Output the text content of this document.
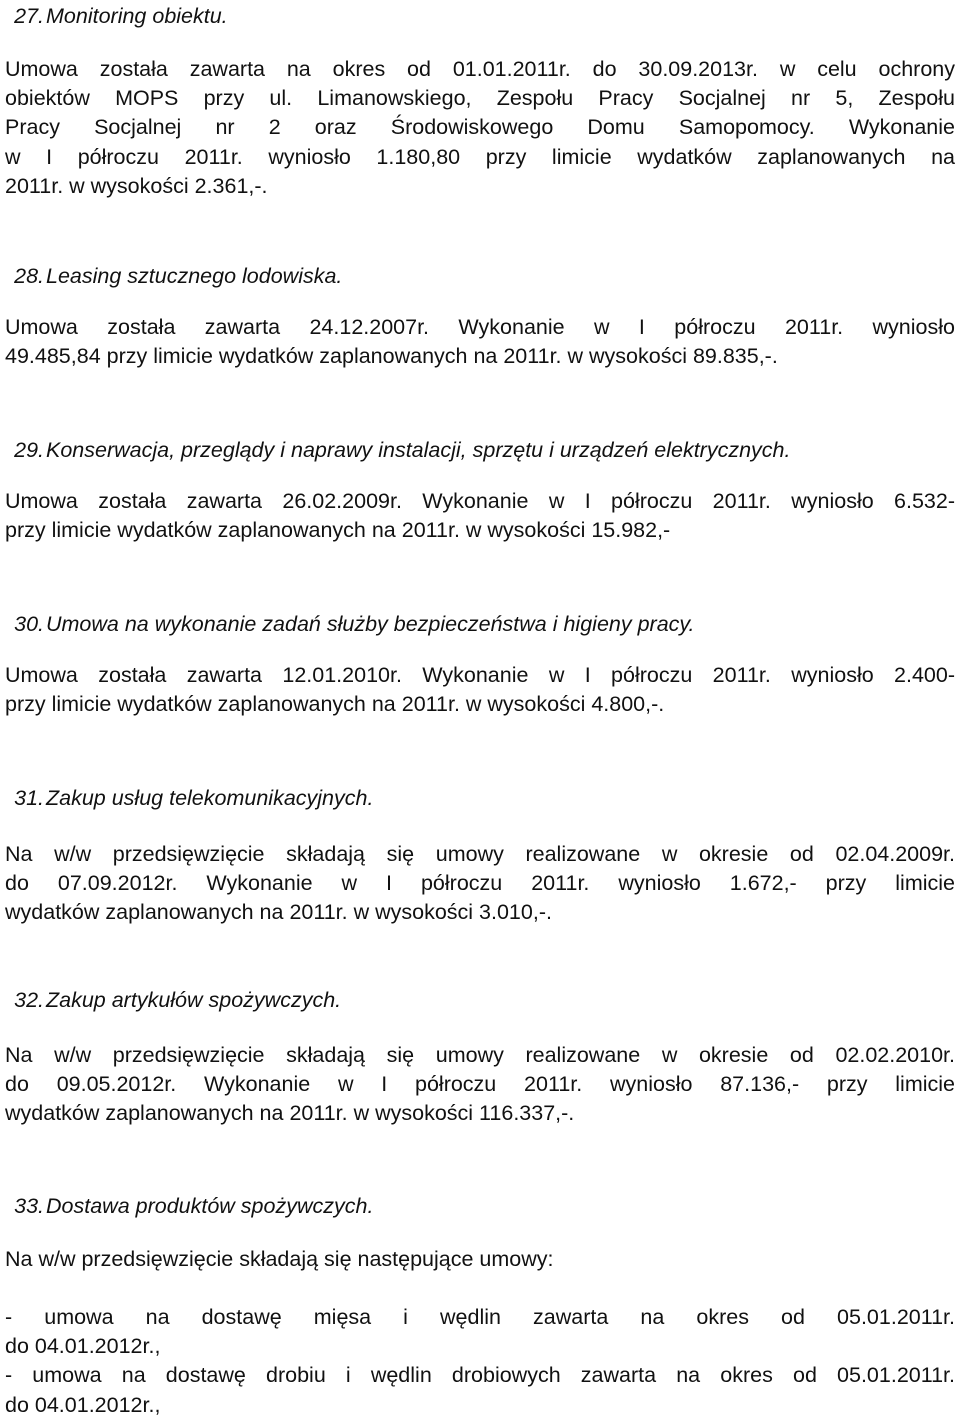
27.Monitoring obiektu.
Umowa została zawarta na okres od 01.01.2011r. do 30.09.2013r. w celu ochrony
obiektów MOPS przy ul. Limanowskiego, Zespołu Pracy Socjalnej nr 5, Zespołu
Pracy Socjalnej nr 2 oraz Środowiskowego Domu Samopomocy. Wykonanie
w I półroczu 2011r. wyniosło 1.180,80 przy limicie wydatków zaplanowanych na
2011r. w wysokości 2.361,-.
28.Leasing sztucznego lodowiska.
Umowa została zawarta 24.12.2007r. Wykonanie w I półroczu 2011r. wyniosło
49.485,84 przy limicie wydatków zaplanowanych na 2011r. w wysokości 89.835,-.
29.Konserwacja, przeglądy i naprawy instalacji, sprzętu i urządzeń elektrycznych.
Umowa została zawarta 26.02.2009r. Wykonanie w I półroczu 2011r. wyniosło 6.532-
przy limicie wydatków zaplanowanych na 2011r. w wysokości 15.982,-
30.Umowa na wykonanie zadań służby bezpieczeństwa i higieny pracy.
Umowa została zawarta 12.01.2010r. Wykonanie w I półroczu 2011r. wyniosło 2.400-
przy limicie wydatków zaplanowanych na 2011r. w wysokości 4.800,-.
31.Zakup usług telekomunikacyjnych.
Na w/w przedsięwzięcie składają się umowy realizowane w okresie od 02.04.2009r.
do 07.09.2012r. Wykonanie w I półroczu 2011r. wyniosło 1.672,- przy limicie
wydatków zaplanowanych na 2011r. w wysokości 3.010,-.
32.Zakup artykułów spożywczych.
Na w/w przedsięwzięcie składają się umowy realizowane w okresie od 02.02.2010r.
do 09.05.2012r. Wykonanie w I półroczu 2011r. wyniosło 87.136,- przy limicie
wydatków zaplanowanych na 2011r. w wysokości 116.337,-.
33.Dostawa produktów spożywczych.
Na w/w przedsięwzięcie składają się następujące umowy:
- umowa na dostawę mięsa i wędlin zawarta na okres od 05.01.2011r.
do 04.01.2012r.,
- umowa na dostawę drobiu i wędlin drobiowych zawarta na okres od 05.01.2011r.
do 04.01.2012r.,
